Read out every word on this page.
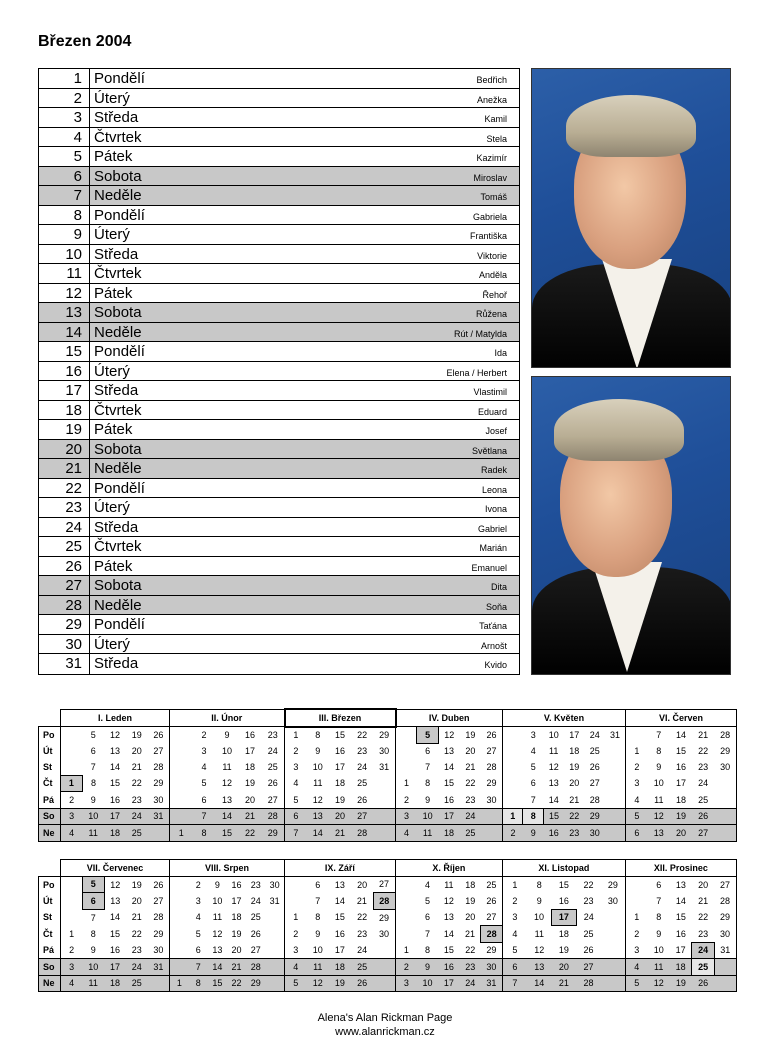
Březen 2004
1 Pondělí	Bedřich
2 Úterý	Anežka
3 Středa	Kamil
4 Čtvrtek	Stela
5 Pátek	Kazimír
6 Sobota	Miroslav
7 Neděle	Tomáš
8 Pondělí	Gabriela
9 Úterý	Františka
10 Středa	Viktorie
11 Čtvrtek	Anděla
12 Pátek	Řehoř
13 Sobota	Růžena
14 Neděle	Rút / Matylda
15 Pondělí	Ida
16 Úterý	Elena / Herbert
17 Středa	Vlastimil
18 Čtvrtek	Eduard
19 Pátek	Josef
20 Sobota	Světlana
21 Neděle	Radek
22 Pondělí	Leona
23 Úterý	Ivona
24 Středa	Gabriel
25 Čtvrtek	Marián
26 Pátek	Emanuel
27 Sobota	Dita
28 Neděle	Soňa
29 Pondělí	Taťána
30 Úterý	Arnošt
31 Středa	Kvido
	I. Leden					II. Únor					III. Březen					IV. Duben					V. Květen						VI. Červen				
Po		5	12	19	26		2	9	16	23	1	8	15	22	29		5	12	19	26		3	10	17	24	31		7	14	21	28
Út		6	13	20	27		3	10	17	24	2	9	16	23	30		6	13	20	27		4	11	18	25		1	8	15	22	29
St		7	14	21	28		4	11	18	25	3	10	17	24	31		7	14	21	28		5	12	19	26		2	9	16	23	30
Čt	1	8	15	22	29		5	12	19	26	4	11	18	25		1	8	15	22	29		6	13	20	27		3	10	17	24	
Pá	2	9	16	23	30		6	13	20	27	5	12	19	26		2	9	16	23	30		7	14	21	28		4	11	18	25	
So	3	10	17	24	31		7	14	21	28	6	13	20	27		3	10	17	24		1	8	15	22	29		5	12	19	26	
Ne	4	11	18	25		1	8	15	22	29	7	14	21	28		4	11	18	25		2	9	16	23	30		6	13	20	27	
	VII. Červenec					VIII. Srpen						IX. Září					X. Říjen					XI. Listopad					XII. Prosinec				
Po		5	12	19	26		2	9	16	23	30		6	13	20	27		4	11	18	25	1	8	15	22	29		6	13	20	27
Út		6	13	20	27		3	10	17	24	31		7	14	21	28		5	12	19	26	2	9	16	23	30		7	14	21	28
St		7	14	21	28		4	11	18	25		1	8	15	22	29		6	13	20	27	3	10	17	24		1	8	15	22	29
Čt	1	8	15	22	29		5	12	19	26		2	9	16	23	30		7	14	21	28	4	11	18	25		2	9	16	23	30
Pá	2	9	16	23	30		6	13	20	27		3	10	17	24		1	8	15	22	29	5	12	19	26		3	10	17	24	31
So	3	10	17	24	31		7	14	21	28		4	11	18	25		2	9	16	23	30	6	13	20	27		4	11	18	25	
Ne	4	11	18	25		1	8	15	22	29		5	12	19	26		3	10	17	24	31	7	14	21	28		5	12	19	26	
Alena's Alan Rickman Page
www.alanrickman.cz
